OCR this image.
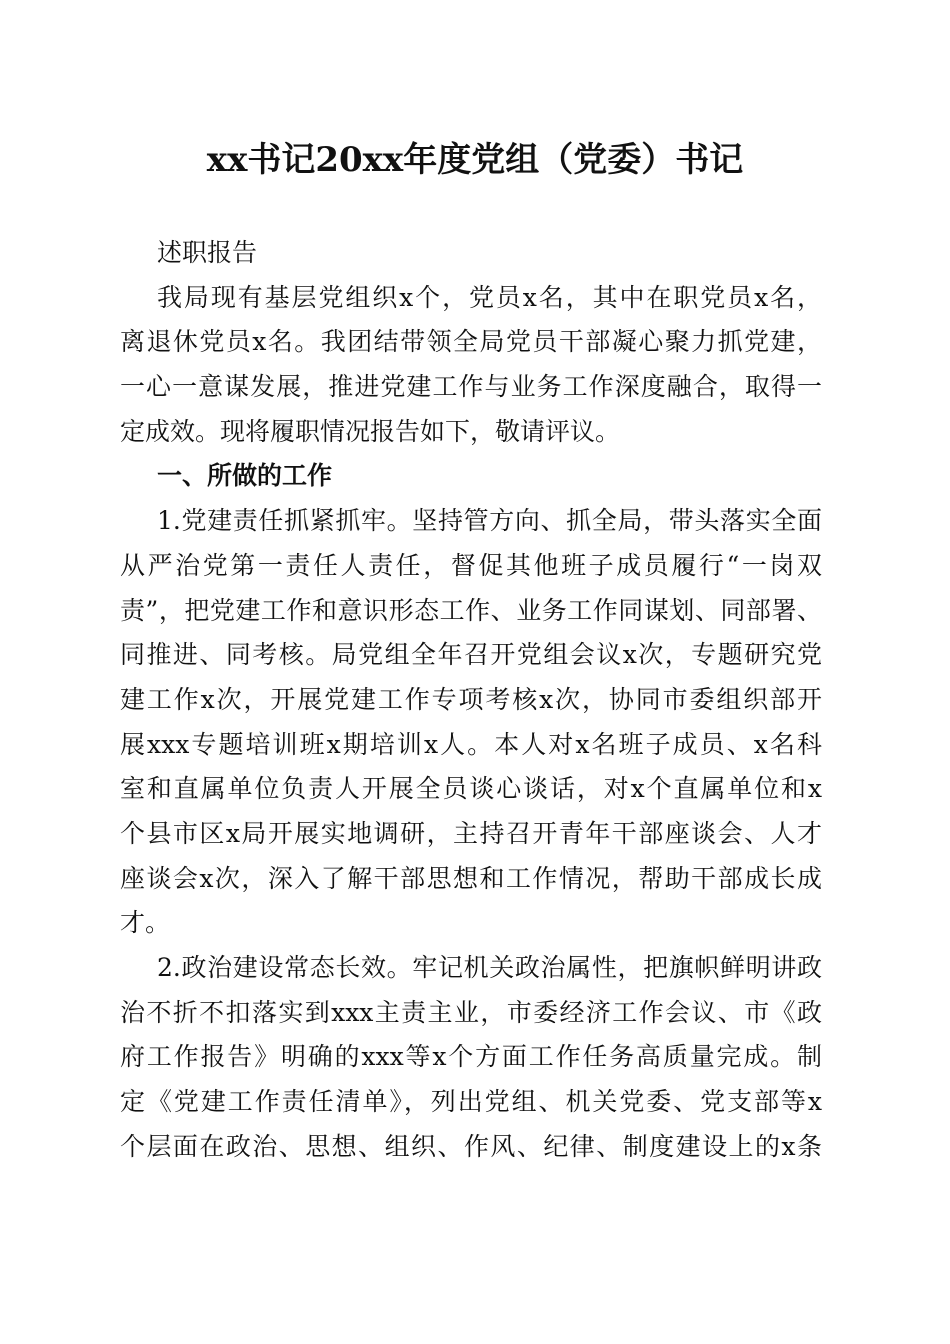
xx书记20xx年度党组（党委）书记
述职报告
我局现有基层党组织x个，党员x名，其中在职党员x名，
离退休党员x名。我团结带领全局党员干部凝心聚力抓党建，
一心一意谋发展，推进党建工作与业务工作深度融合，取得一
定成效。现将履职情况报告如下，敬请评议。
一、所做的工作
1.党建责任抓紧抓牢。坚持管方向、抓全局，带头落实全面
从严治党第一责任人责任，督促其他班子成员履行“一岗双
责”，把党建工作和意识形态工作、业务工作同谋划、同部署、
同推进、同考核。局党组全年召开党组会议x次，专题研究党
建工作x次，开展党建工作专项考核x次，协同市委组织部开
展xxx专题培训班x期培训x人。本人对x名班子成员、x名科
室和直属单位负责人开展全员谈心谈话，对x个直属单位和x
个县市区x局开展实地调研，主持召开青年干部座谈会、人才
座谈会x次，深入了解干部思想和工作情况，帮助干部成长成
才。
2.政治建设常态长效。牢记机关政治属性，把旗帜鲜明讲政
治不折不扣落实到xxx主责主业，市委经济工作会议、市《政
府工作报告》明确的xxx等x个方面工作任务高质量完成。制
定《党建工作责任清单》，列出党组、机关党委、党支部等x
个层面在政治、思想、组织、作风、纪律、制度建设上的x条
